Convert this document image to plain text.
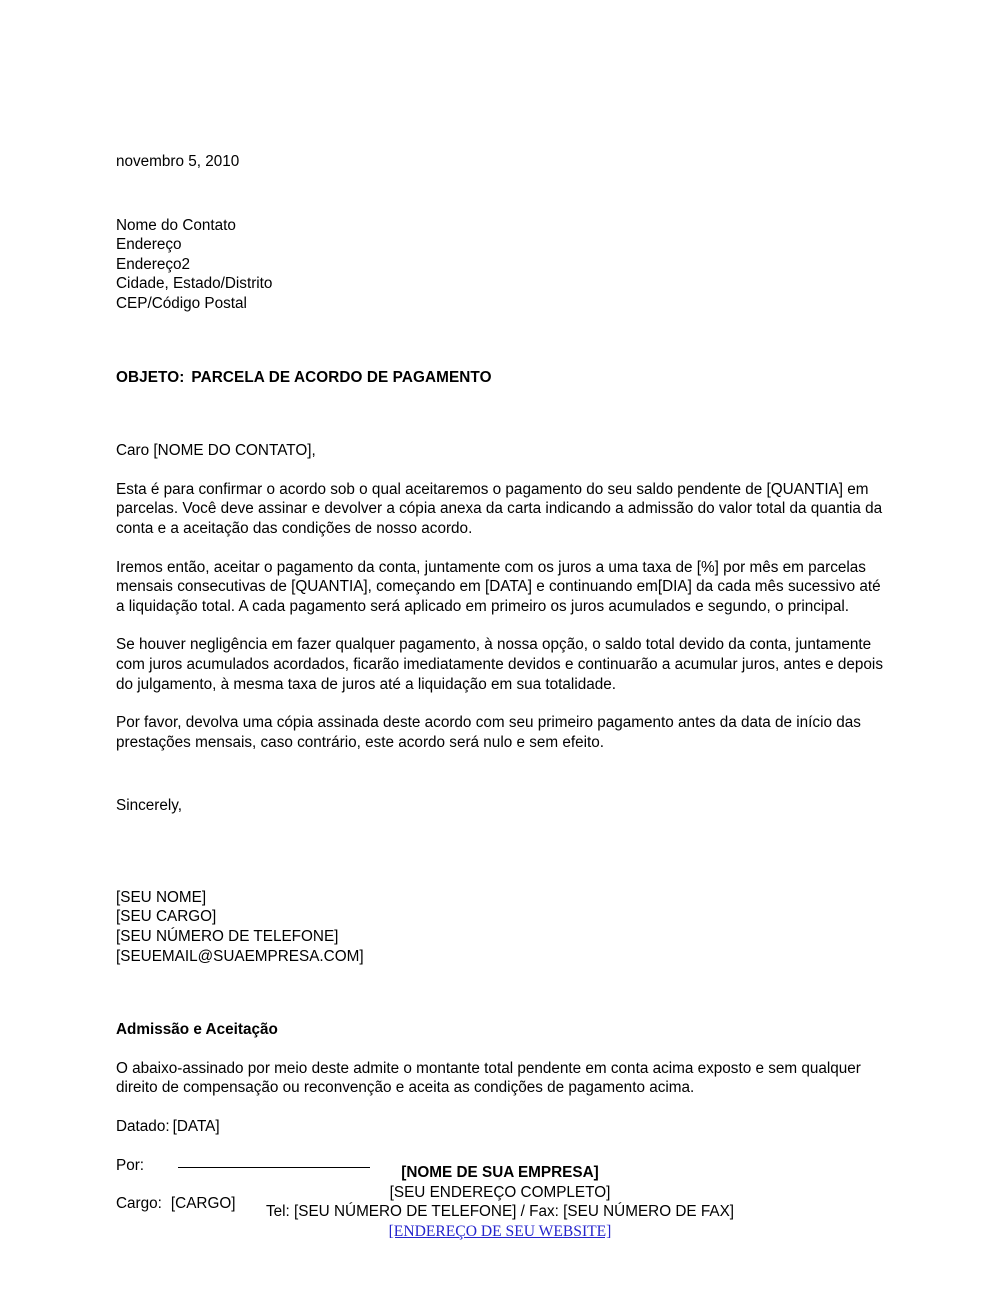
novembro 5, 2010
Nome do Contato
Endereço
Endereço2
Cidade, Estado/Distrito
CEP/Código Postal
OBJETO: PARCELA DE ACORDO DE PAGAMENTO
Caro [NOME DO CONTATO],

Esta é para confirmar o acordo sob o qual aceitaremos o pagamento do seu saldo pendente de [QUANTIA] em parcelas. Você deve assinar e devolver a cópia anexa da carta indicando a admissão do valor total da quantia da conta e a aceitação das condições de nosso acordo.

Iremos então, aceitar o pagamento da conta, juntamente com os juros a uma taxa de [%] por mês em parcelas mensais consecutivas de [QUANTIA], começando em [DATA] e continuando em[DIA] da cada mês sucessivo até a liquidação total. A cada pagamento será aplicado em primeiro os juros acumulados e segundo, o principal.

Se houver negligência em fazer qualquer pagamento, à nossa opção, o saldo total devido da conta, juntamente com juros acumulados acordados, ficarão imediatamente devidos e continuarão a acumular juros, antes e depois do julgamento, à mesma taxa de juros até a liquidação em sua totalidade.

Por favor, devolva uma cópia assinada deste acordo com seu primeiro pagamento antes da data de início das prestações mensais, caso contrário, este acordo será nulo e sem efeito.

Sincerely,
[SEU NOME]
[SEU CARGO]
[SEU NÚMERO DE TELEFONE]
[SEUEMAIL@SUAEMPRESA.COM]
Admissão e Aceitação

O abaixo-assinado por meio deste admite o montante total pendente em conta acima exposto e sem qualquer direito de compensação ou reconvenção e aceita as condições de pagamento acima.

Datado: [DATA]
Por:
Cargo: [CARGO]
[NOME DE SUA EMPRESA]
[SEU ENDEREÇO COMPLETO]
Tel: [SEU NÚMERO DE TELEFONE] / Fax: [SEU NÚMERO DE FAX]
[ENDEREÇO DE SEU WEBSITE]
